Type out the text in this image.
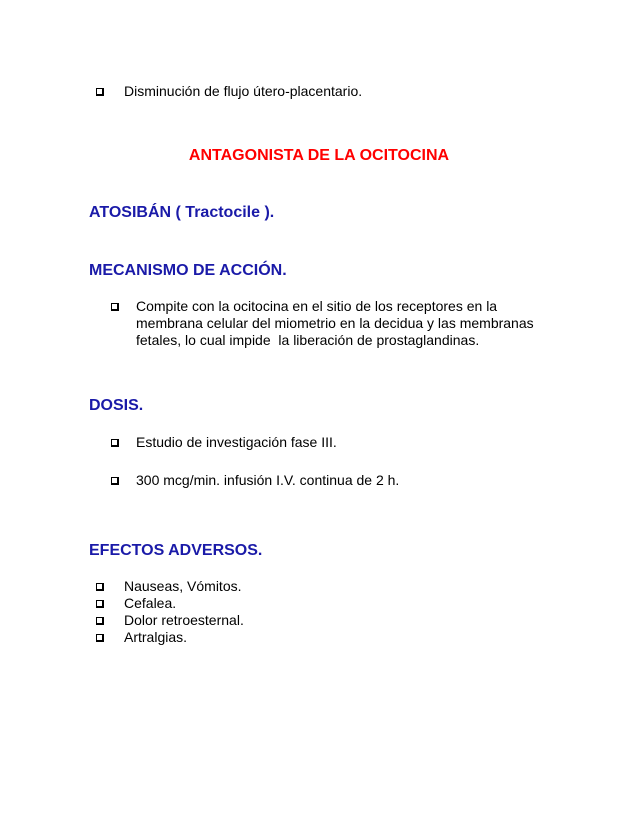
Disminución de flujo útero-placentario.
ANTAGONISTA DE LA OCITOCINA
ATOSIBÁN ( Tractocile ).
MECANISMO DE ACCIÓN.
Compite con la ocitocina en el sitio de los receptores en la
membrana celular del miometrio en la decidua y las membranas
fetales, lo cual impide  la liberación de prostaglandinas.
DOSIS.
Estudio de investigación fase III.
300 mcg/min. infusión I.V. continua de 2 h.
EFECTOS ADVERSOS.
Nauseas, Vómitos.
Cefalea.
Dolor retroesternal.
Artralgias.
